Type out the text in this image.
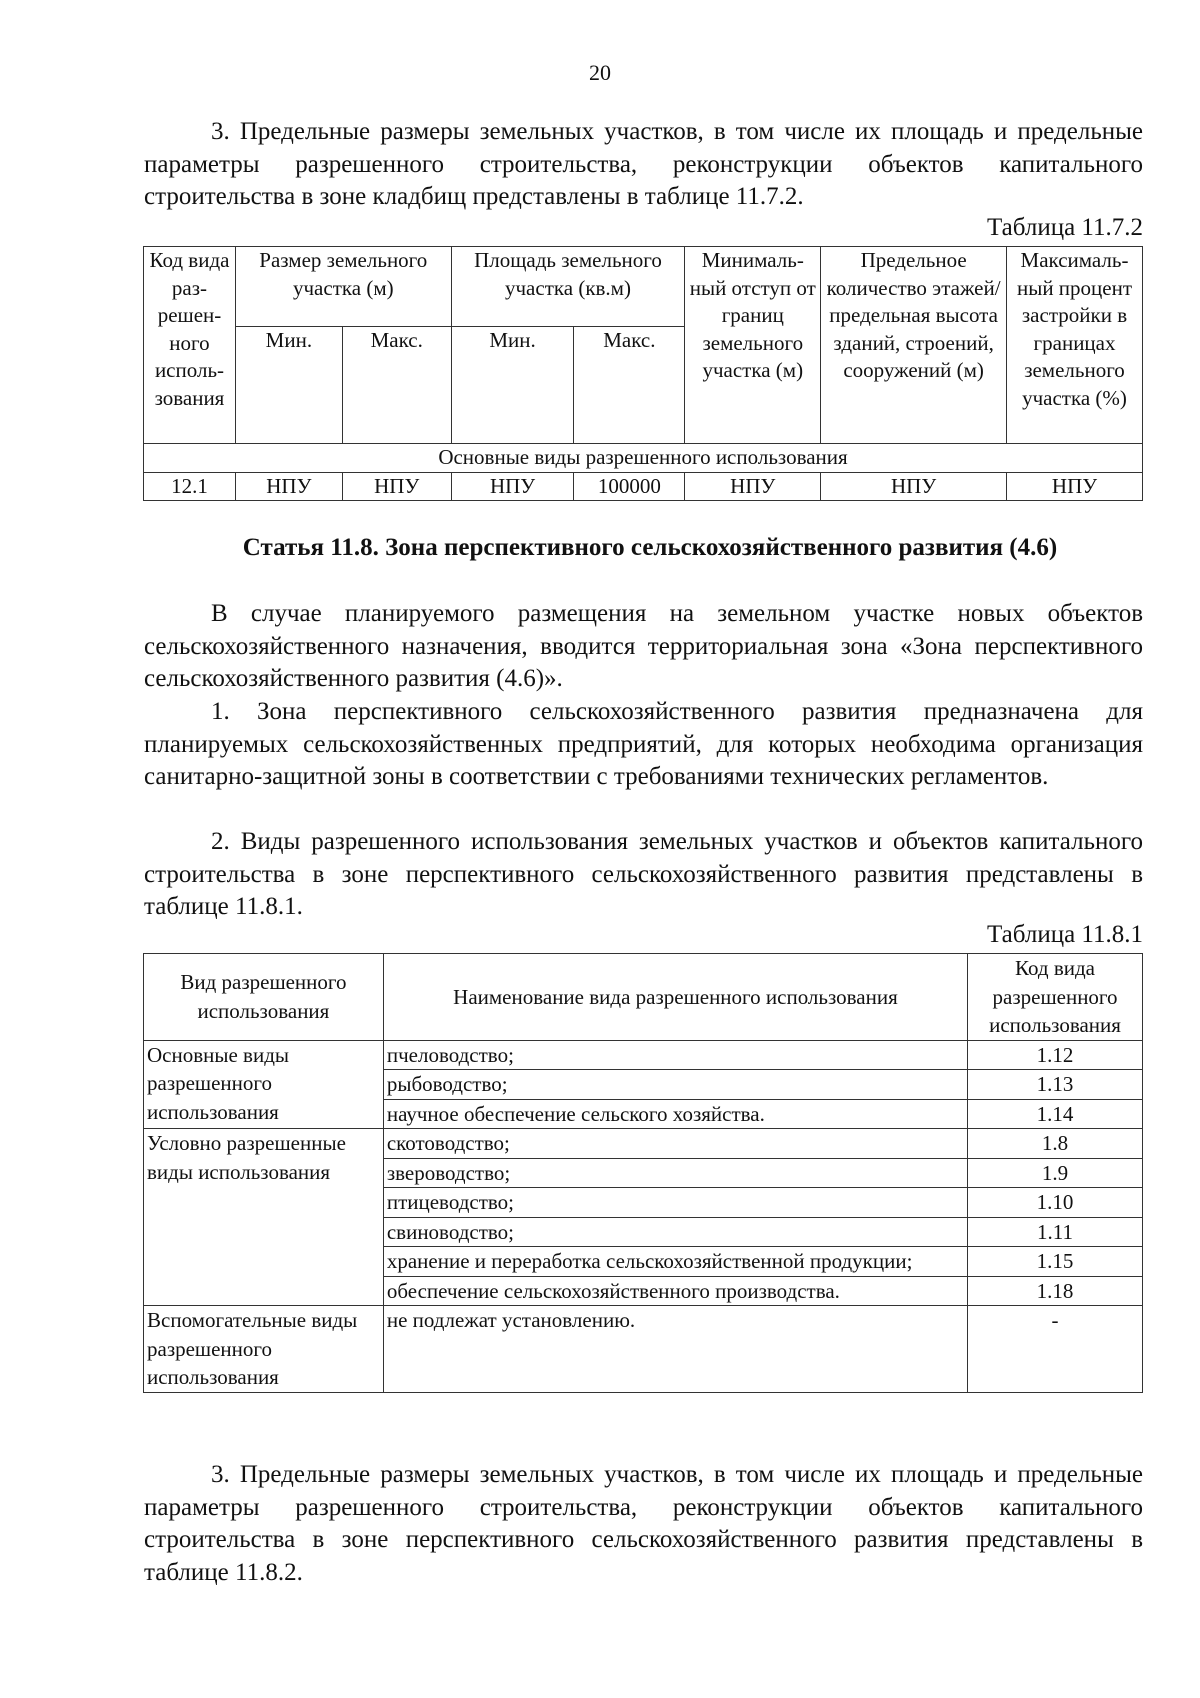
20
3. Предельные размеры земельных участков, в том числе их площадь и предельные параметры разрешенного строительства, реконструкции объектов капитального строительства в зоне кладбищ представлены в таблице 11.7.2.
Таблица 11.7.2
Код вида раз-решен-ного исполь-зования	Размер земельного участка (м)		Площадь земельного участка (кв.м)		Минималь-ный отступ от границ земельного участка (м)	Предельное количество этажей/ предельная высота зданий, строений, сооружений (м)	Максималь-ный процент застройки в границах земельного участка (%)
	Мин.	Макс.	Мин.	Макс.			
Основные виды разрешенного использования							
12.1	НПУ	НПУ	НПУ	100000	НПУ	НПУ	НПУ
Статья 11.8. Зона перспективного сельскохозяйственного развития (4.6)
В случае планируемого размещения на земельном участке новых объектов сельскохозяйственного назначения, вводится территориальная зона «Зона перспективного сельскохозяйственного развития (4.6)».
1. Зона перспективного сельскохозяйственного развития предназначена для планируемых сельскохозяйственных предприятий, для которых необходима организация санитарно-защитной зоны в соответствии с требованиями технических регламентов.
2. Виды разрешенного использования земельных участков и объектов капитального строительства в зоне перспективного сельскохозяйственного развития представлены в таблице 11.8.1.
Таблица 11.8.1
Вид разрешенного использования	Наименование вида разрешенного использования	Код вида разрешенного использования
Основные виды разрешенного использования	пчеловодство;	1.12
	рыбоводство;	1.13
	научное обеспечение сельского хозяйства.	1.14
Условно разрешенные виды использования	скотоводство;	1.8
	звероводство;	1.9
	птицеводство;	1.10
	свиноводство;	1.11
	хранение и переработка сельскохозяйственной продукции;	1.15
	обеспечение сельскохозяйственного производства.	1.18
Вспомогательные виды разрешенного использования	не подлежат установлению.	-
3. Предельные размеры земельных участков, в том числе их площадь и предельные параметры разрешенного строительства, реконструкции объектов капитального строительства в зоне перспективного сельскохозяйственного развития представлены в таблице 11.8.2.
